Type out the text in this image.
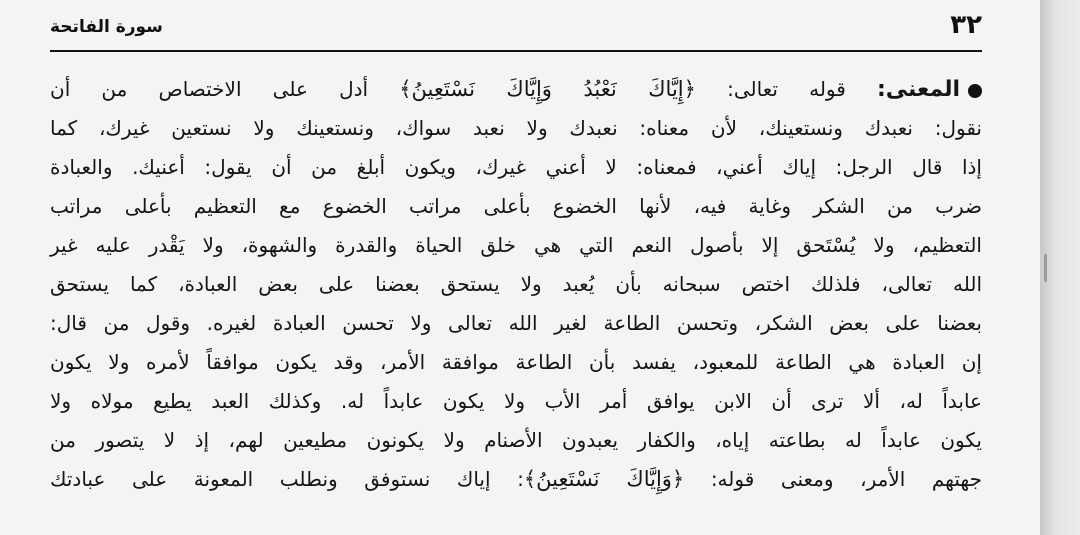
٣٢
سورة الفاتحة
المعنى: قوله تعالى: ﴿إِيَّاكَ نَعْبُدُ وَإِيَّاكَ نَسْتَعِينُ﴾ أدل على الاختصاص من أن
نقول: نعبدك ونستعينك، لأن معناه: نعبدك ولا نعبد سواك، ونستعينك ولا نستعين غيرك، كما
إذا قال الرجل: إياك أعني، فمعناه: لا أعني غيرك، ويكون أبلغ من أن يقول: أعنيك. والعبادة
ضرب من الشكر وغاية فيه، لأنها الخضوع بأعلى مراتب الخضوع مع التعظيم بأعلى مراتب
التعظيم، ولا يُسْتَحق إلا بأصول النعم التي هي خلق الحياة والقدرة والشهوة، ولا يَقْدر عليه غير
الله تعالى، فلذلك اختص سبحانه بأن يُعبد ولا يستحق بعضنا على بعض العبادة، كما يستحق
بعضنا على بعض الشكر، وتحسن الطاعة لغير الله تعالى ولا تحسن العبادة لغيره. وقول من قال:
إن العبادة هي الطاعة للمعبود، يفسد بأن الطاعة موافقة الأمر، وقد يكون موافقاً لأمره ولا يكون
عابداً له، ألا ترى أن الابن يوافق أمر الأب ولا يكون عابداً له. وكذلك العبد يطيع مولاه ولا
يكون عابداً له بطاعته إياه، والكفار يعبدون الأصنام ولا يكونون مطيعين لهم، إذ لا يتصور من
جهتهم الأمر، ومعنى قوله: ﴿وَإِيَّاكَ نَسْتَعِينُ﴾: إياك نستوفق ونطلب المعونة على عبادتك
